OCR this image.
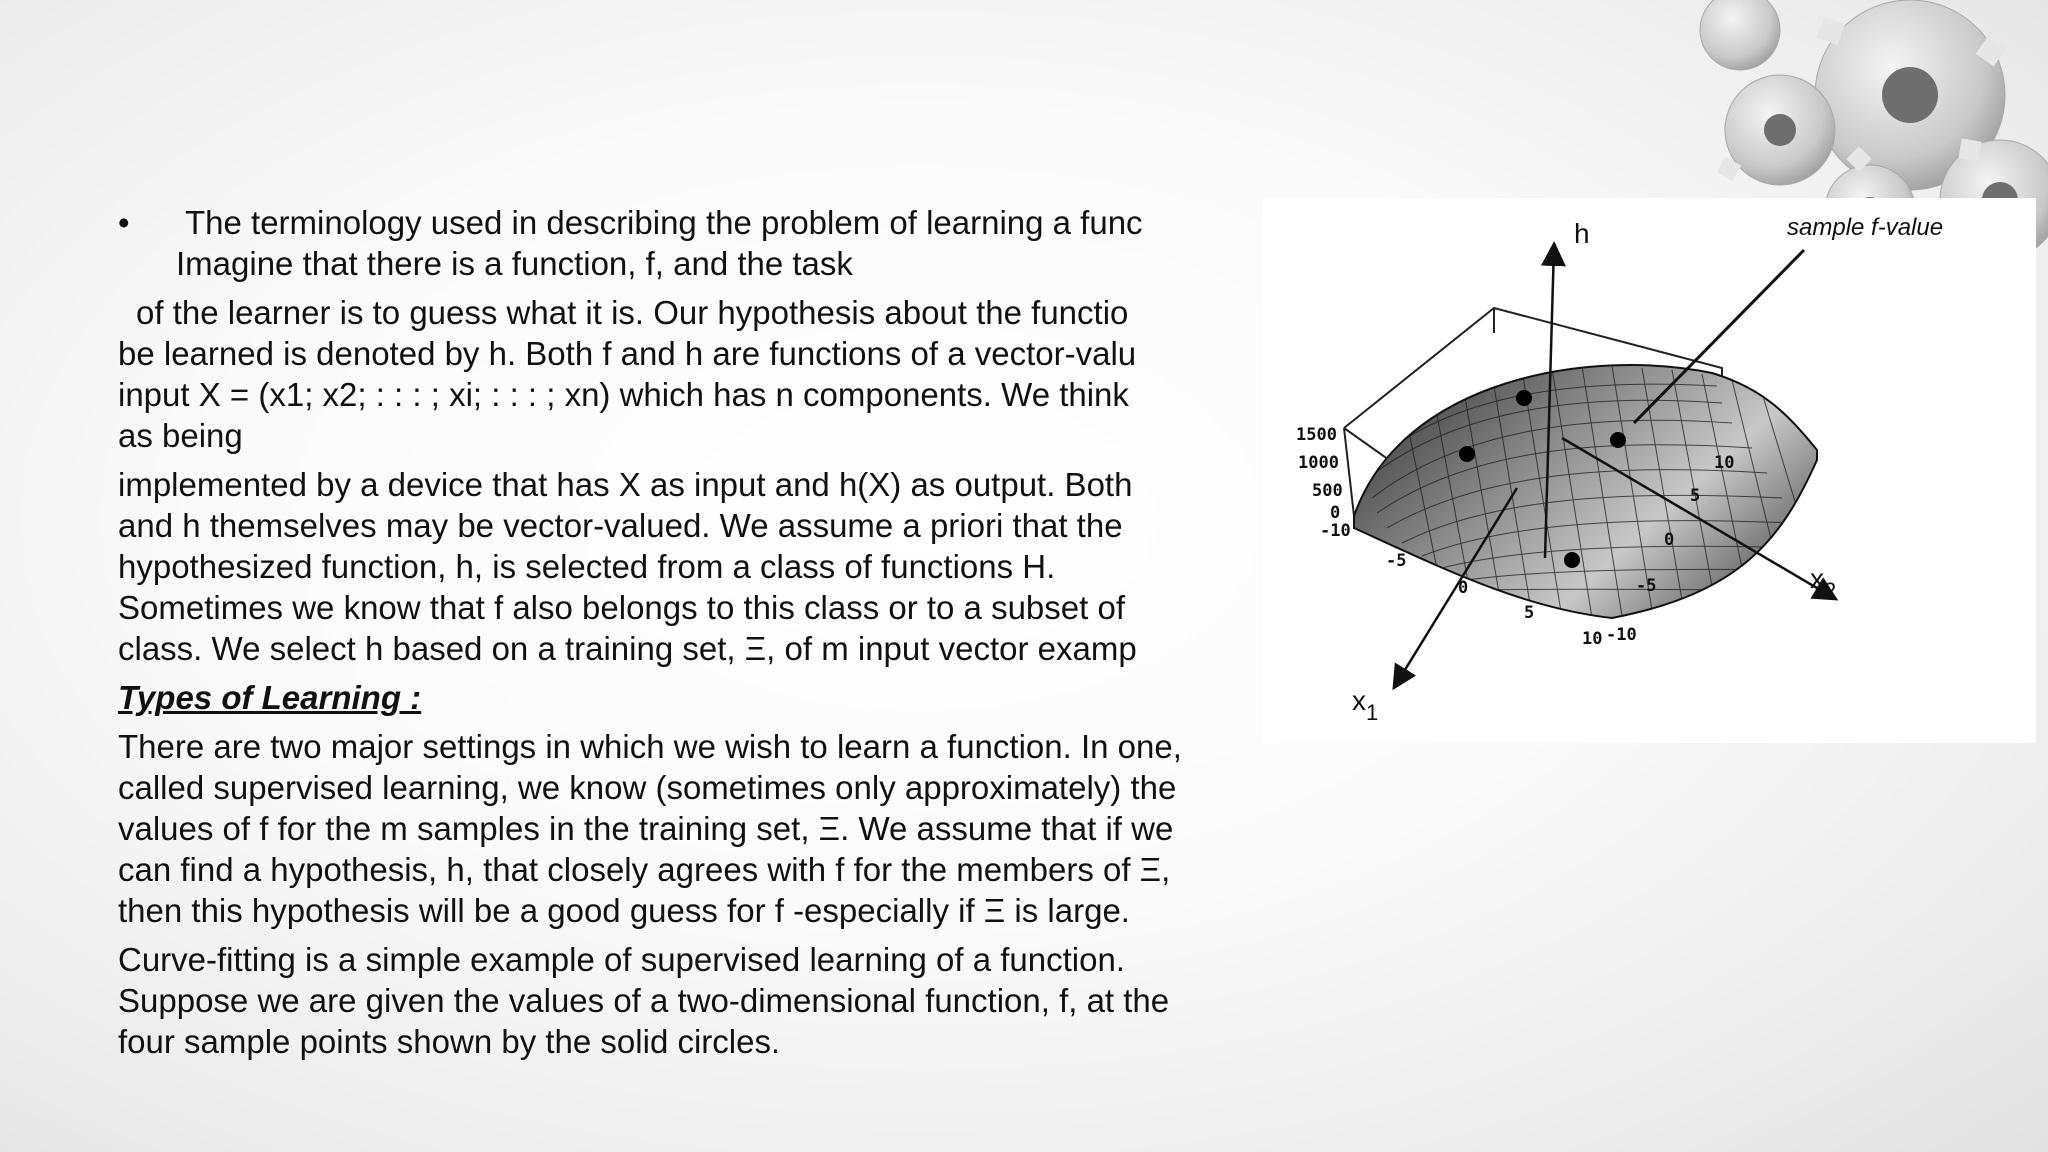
•	The terminology used in describing the problem of learning a func
Imagine that there is a function, f, and the task
of the learner is to guess what it is. Our hypothesis about the functio
be learned is denoted by h. Both f and h are functions of a vector-valu
input X = (x1; x2; : : : ; xi; : : : ; xn) which has n components. We think
as being
implemented by a device that has X as input and h(X) as output. Both
and h themselves may be vector-valued. We assume a priori that the
hypothesized function, h, is selected from a class of functions H.
Sometimes we know that f also belongs to this class or to a subset of
class. We select h based on a training set, Ξ, of m input vector examp
Types of Learning :
There are two major settings in which we wish to learn a function. In one,
called supervised learning, we know (sometimes only approximately) the
values of f for the m samples in the training set, Ξ. We assume that if we
can find a hypothesis, h, that closely agrees with f for the members of Ξ,
then this hypothesis will be a good guess for f -especially if Ξ is large.
Curve-fitting is a simple example of supervised learning of a function.
Suppose we are given the values of a two-dimensional function, f, at the
four sample points shown by the solid circles.
h	sample f-value
$x_1$
$x_2$
1500
1000
500
0
-10
-5
0
5
10
10
5
0
-5
-10
